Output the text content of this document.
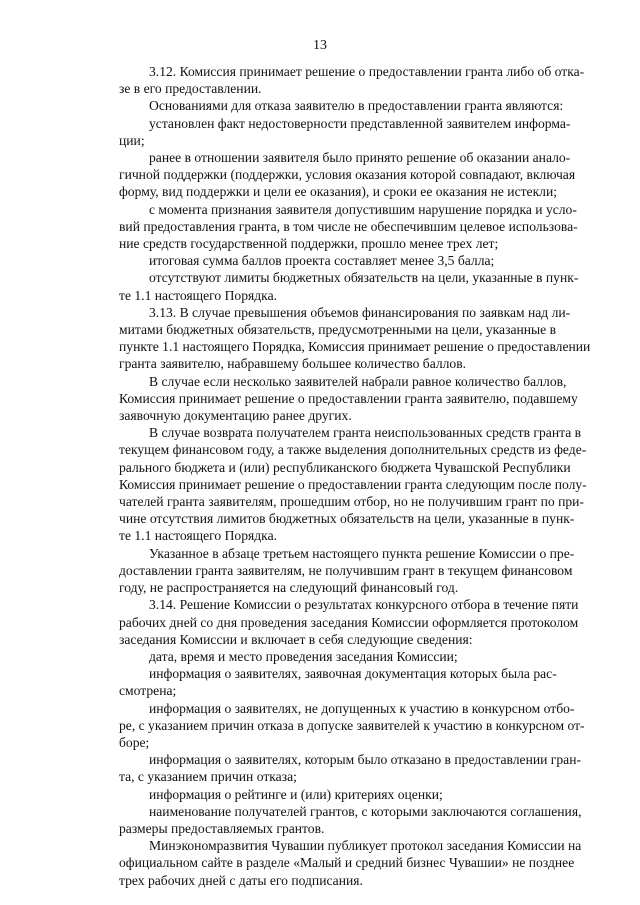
13

3.12. Комиссия принимает решение о предоставлении гранта либо об отка-
зе в его предоставлении.

Основаниями для отказа заявителю в предоставлении гранта являются:

установлен факт недостоверности представленной заявителем информа-
ции;

ранее в отношении заявителя было принято решение об оказании анало-
гичной поддержки (поддержки, условия оказания которой совпадают, включая
форму, вид поддержки и цели ее оказания), и сроки ее оказания не истекли;

с момента признания заявителя допустившим нарушение порядка и усло-
вий предоставления гранта, в том числе не обеспечившим целевое использова-
ние средств государственной поддержки, прошло менее трех лет;

итоговая сумма баллов проекта составляет менее 3,5 балла;

отсутствуют лимиты бюджетных обязательств на цели, указанные в пунк-
те 1.1 настоящего Порядка.

3.13. В случае превышения объемов финансирования по заявкам над ли-
митами бюджетных обязательств, предусмотренными на цели, указанные в
пункте 1.1 настоящего Порядка, Комиссия принимает решение о предоставлении
гранта заявителю, набравшему большее количество баллов.

В случае если несколько заявителей набрали равное количество баллов,
Комиссия принимает решение о предоставлении гранта заявителю, подавшему
заявочную документацию ранее других.

В случае возврата получателем гранта неиспользованных средств гранта в
текущем финансовом году, а также выделения дополнительных средств из феде-
рального бюджета и (или) республиканского бюджета Чувашской Республики
Комиссия принимает решение о предоставлении гранта следующим после полу-
чателей гранта заявителям, прошедшим отбор, но не получившим грант по при-
чине отсутствия лимитов бюджетных обязательств на цели, указанные в пунк-
те 1.1 настоящего Порядка.

Указанное в абзаце третьем настоящего пункта решение Комиссии о пре-
доставлении гранта заявителям, не получившим грант в текущем финансовом
году, не распространяется на следующий финансовый год.

3.14. Решение Комиссии о результатах конкурсного отбора в течение пяти
рабочих дней со дня проведения заседания Комиссии оформляется протоколом
заседания Комиссии и включает в себя следующие сведения:

дата, время и место проведения заседания Комиссии;

информация о заявителях, заявочная документация которых была рас-
смотрена;

информация о заявителях, не допущенных к участию в конкурсном отбо-
ре, с указанием причин отказа в допуске заявителей к участию в конкурсном от-
боре;

информация о заявителях, которым было отказано в предоставлении гран-
та, с указанием причин отказа;

информация о рейтинге и (или) критериях оценки;

наименование получателей грантов, с которыми заключаются соглашения,
размеры предоставляемых грантов.

Минэкономразвития Чувашии публикует протокол заседания Комиссии на
официальном сайте в разделе «Малый и средний бизнес Чувашии» не позднее
трех рабочих дней с даты его подписания.
